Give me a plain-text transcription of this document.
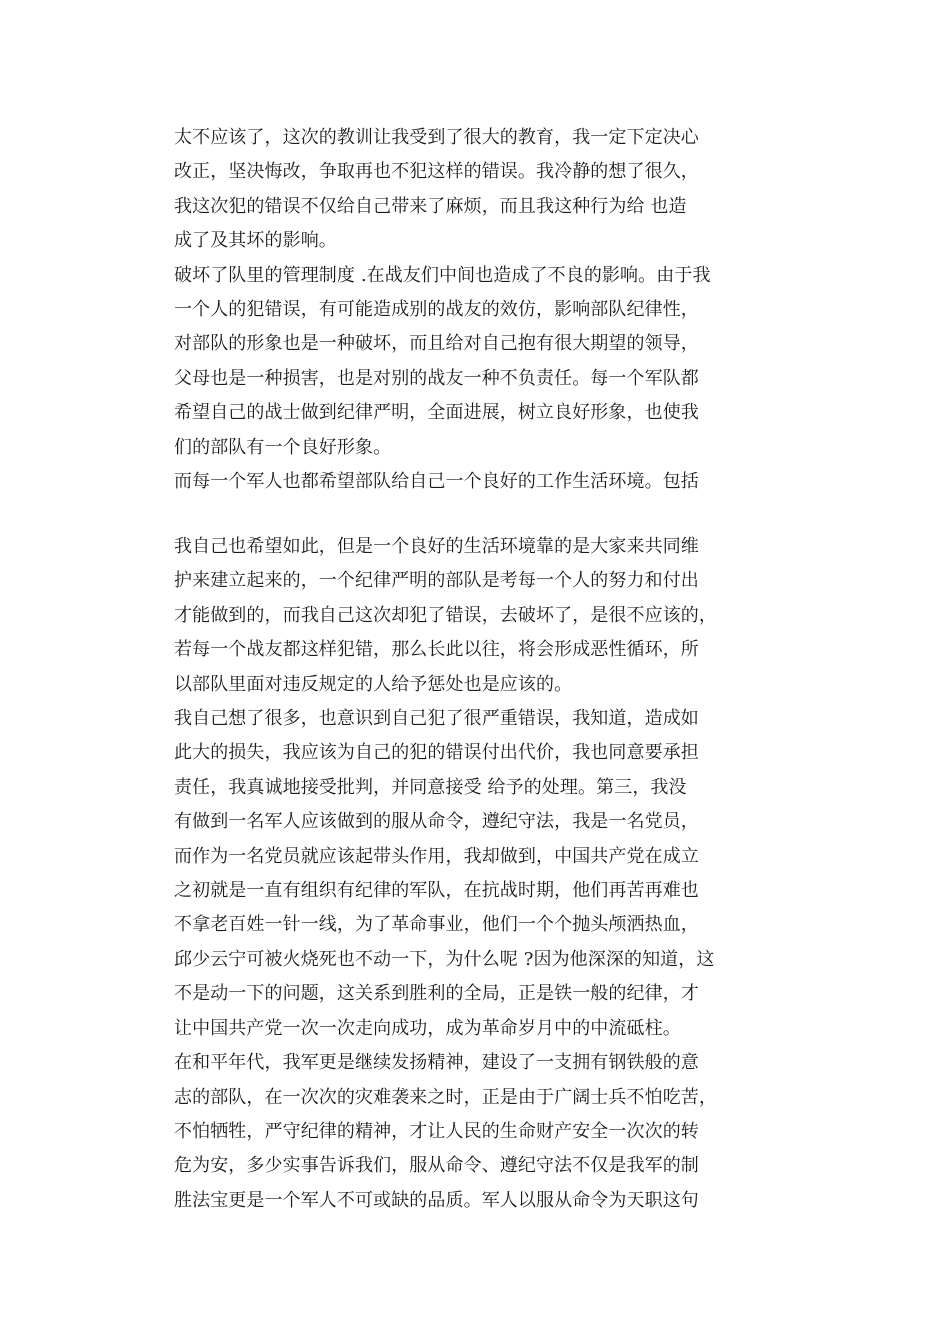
太不应该了，这次的教训让我受到了很大的教育，我一定下定决心
改正，坚决悔改，争取再也不犯这样的错误。我冷静的想了很久，
我这次犯的错误不仅给自己带来了麻烦，而且我这种行为给 也造
成了及其坏的影响。
破坏了队里的管理制度 .在战友们中间也造成了不良的影响。由于我
一个人的犯错误，有可能造成别的战友的效仿，影响部队纪律性，
对部队的形象也是一种破坏，而且给对自己抱有很大期望的领导，
父母也是一种损害，也是对别的战友一种不负责任。每一个军队都
希望自己的战士做到纪律严明，全面进展，树立良好形象，也使我
们的部队有一个良好形象。
而每一个军人也都希望部队给自己一个良好的工作生活环境。包括
我自己也希望如此，但是一个良好的生活环境靠的是大家来共同维
护来建立起来的，一个纪律严明的部队是考每一个人的努力和付出
才能做到的，而我自己这次却犯了错误，去破坏了，是很不应该的，
若每一个战友都这样犯错，那么长此以往，将会形成恶性循环，所
以部队里面对违反规定的人给予惩处也是应该的。
我自己想了很多，也意识到自己犯了很严重错误，我知道，造成如
此大的损失，我应该为自己的犯的错误付出代价，我也同意要承担
责任，我真诚地接受批判，并同意接受 给予的处理。第三，我没
有做到一名军人应该做到的服从命令，遵纪守法，我是一名党员，
而作为一名党员就应该起带头作用，我却做到，中国共产党在成立
之初就是一直有组织有纪律的军队，在抗战时期，他们再苦再难也
不拿老百姓一针一线，为了革命事业，他们一个个抛头颅洒热血，
邱少云宁可被火烧死也不动一下，为什么呢 ?因为他深深的知道，这
不是动一下的问题，这关系到胜利的全局，正是铁一般的纪律，才
让中国共产党一次一次走向成功，成为革命岁月中的中流砥柱。
在和平年代，我军更是继续发扬精神，建设了一支拥有钢铁般的意
志的部队，在一次次的灾难袭来之时，正是由于广阔士兵不怕吃苦，
不怕牺牲，严守纪律的精神，才让人民的生命财产安全一次次的转
危为安，多少实事告诉我们，服从命令、遵纪守法不仅是我军的制
胜法宝更是一个军人不可或缺的品质。军人以服从命令为天职这句
